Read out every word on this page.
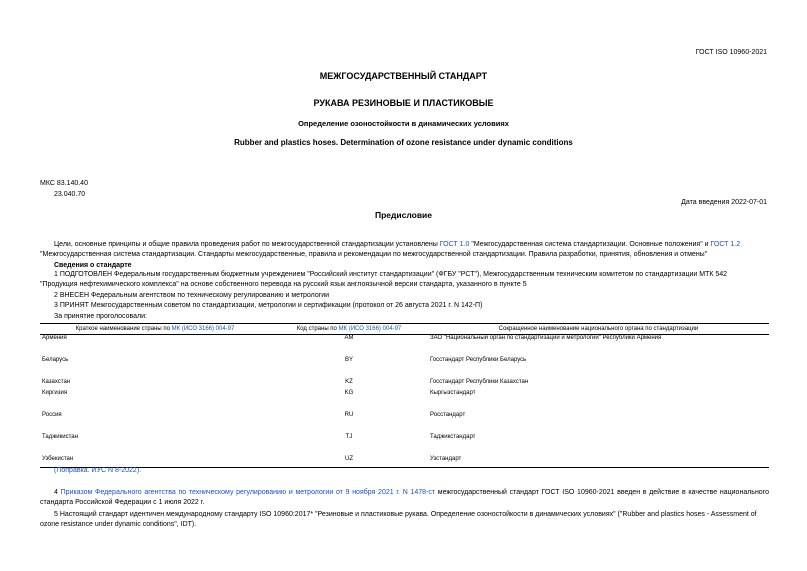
ГОСТ ISO 10960-2021
МЕЖГОСУДАРСТВЕННЫЙ СТАНДАРТ
РУКАВА РЕЗИНОВЫЕ И ПЛАСТИКОВЫЕ
Определение озоностойкости в динамических условиях
Rubber and plastics hoses. Determination of ozone resistance under dynamic conditions
МКС 83.140.40
23.040.70
Дата введения 2022-07-01
Предисловие
Цели, основные принципы и общие правила проведения работ по межгосударственной стандартизации установлены ГОСТ 1.0 "Межгосударственная система стандартизации. Основные положения" и ГОСТ 1.2
"Межгосударственная система стандартизации. Стандарты межгосударственные, правила и рекомендации по межгосударственной стандартизации. Правила разработки, принятия, обновления и отмены"
Сведения о стандарте
1 ПОДГОТОВЛЕН Федеральным государственным бюджетным учреждением "Российский институт стандартизации" (ФГБУ "РСТ"), Межгосударственным техническим комитетом по стандартизации МТК 542
"Продукция нефтехимического комплекса" на основе собственного перевода на русский язык англоязычной версии стандарта, указанного в пункте 5
2 ВНЕСЕН Федеральным агентством по техническому регулированию и метрологии
3 ПРИНЯТ Межгосударственным советом по стандартизации, метрологии и сертификации (протокол от 26 августа 2021 г. N 142-П)
За принятие проголосовали:
Краткое наименование страны по МК (ИСО 3166) 004-97	Код страны по МК (ИСО 3166) 004-97	Сокращенное наименование национального органа по стандартизации
Армения	AM	ЗАО "Национальный орган по стандартизации и метрологии" Республики Армения

Беларусь	BY	Госстандарт Республики Беларусь

Казахстан	KZ	Госстандарт Республики Казахстан
Киргизия	KG	Кыргызстандарт

Россия	RU	Росстандарт

Таджикистан	TJ	Таджикстандарт

Узбекистан	UZ	Узстандарт
(Поправка. ИУС N 8-2022).
4 Приказом Федерального агентства по техническому регулированию и метрологии от 9 ноября 2021 г. N 1478-ст межгосударственный стандарт ГОСТ ISO 10960-2021 введен в действие в качестве национального стандарта Российской Федерации с 1 июля 2022 г.
5 Настоящий стандарт идентичен международному стандарту ISO 10960:2017* "Резиновые и пластиковые рукава. Определение озоностойкости в динамических условиях" ("Rubber and plastics hoses - Assessment of ozone resistance under dynamic conditions", IDT).
